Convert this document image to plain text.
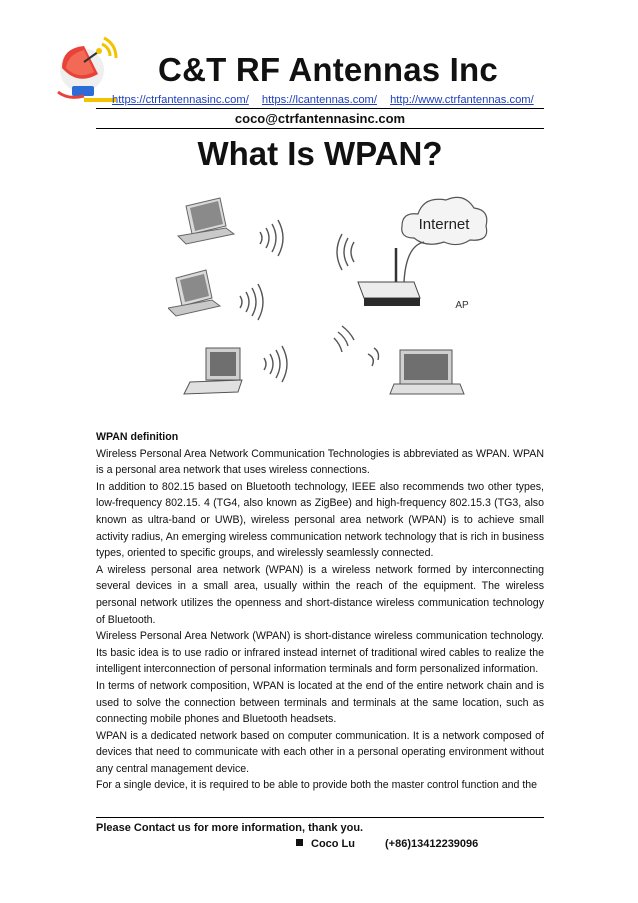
C&T RF Antennas Inc
https://ctrfantennasinc.com/ https://lcantennas.com/ http://www.ctrfantennas.com/
coco@ctrfantennasinc.com
What Is WPAN?
Internet
AP

WPAN definition

Wireless Personal Area Network Communication Technologies is abbreviated as WPAN. WPAN is a personal area network that uses wireless connections.

In addition to 802.15 based on Bluetooth technology, IEEE also recommends two other types, low-frequency 802.15. 4 (TG4, also known as ZigBee) and high-frequency 802.15.3 (TG3, also known as ultra-band or UWB), wireless personal area network (WPAN) is to achieve small activity radius, An emerging wireless communication network technology that is rich in business types, oriented to specific groups, and wirelessly seamlessly connected.

A wireless personal area network (WPAN) is a wireless network formed by interconnecting several devices in a small area, usually within the reach of the equipment. The wireless personal network utilizes the openness and short-distance wireless communication technology of Bluetooth.

Wireless Personal Area Network (WPAN) is short-distance wireless communication technology. Its basic idea is to use radio or infrared instead internet of traditional wired cables to realize the intelligent interconnection of personal information terminals and form personalized information.

In terms of network composition, WPAN is located at the end of the entire network chain and is used to solve the connection between terminals and terminals at the same location, such as connecting mobile phones and Bluetooth headsets.

WPAN is a dedicated network based on computer communication. It is a network composed of devices that need to communicate with each other in a personal operating environment without any central management device.

For a single device, it is required to be able to provide both the master control function and the

Please Contact us for more information, thank you.
Coco Lu	(+86)13412239096
